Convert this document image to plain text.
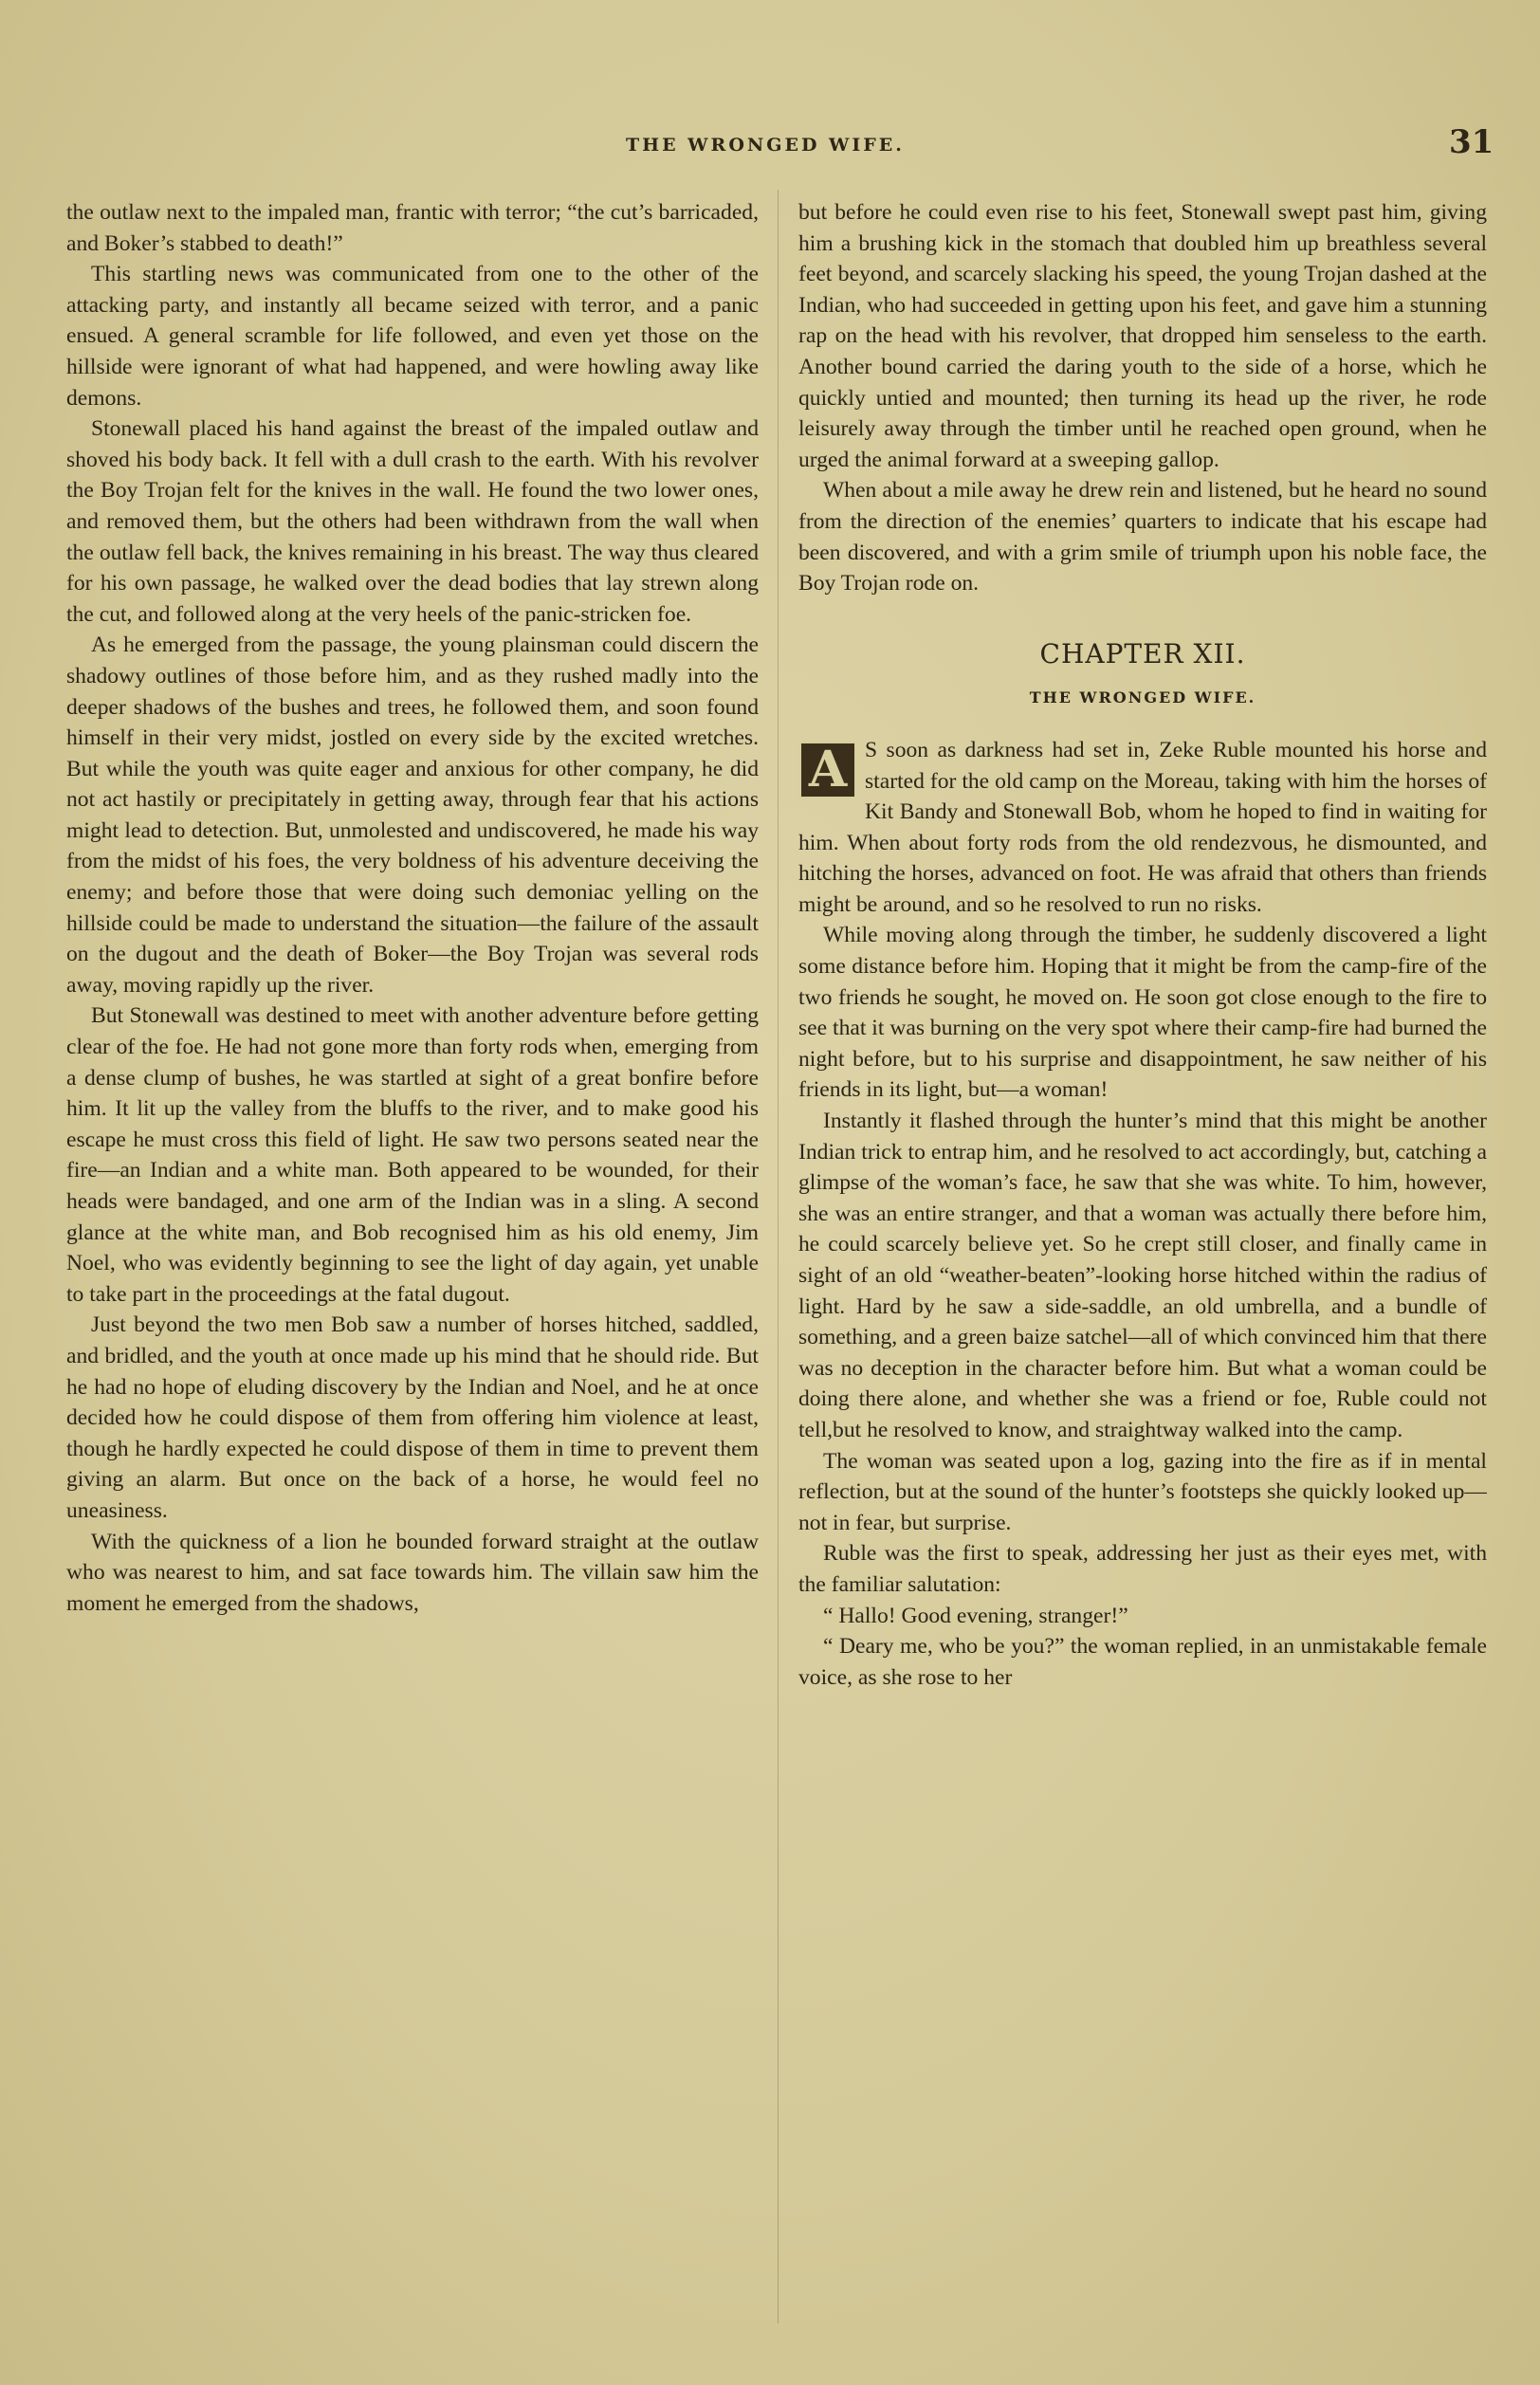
THE WRONGED WIFE.	31

the outlaw next to the impaled man, frantic with terror; “the cut’s barricaded, and Boker’s stabbed to death!”

This startling news was communicated from one to the other of the attacking party, and instantly all became seized with terror, and a panic ensued. A general scramble for life followed, and even yet those on the hillside were ignorant of what had happened, and were howling away like demons.

Stonewall placed his hand against the breast of the impaled outlaw and shoved his body back. It fell with a dull crash to the earth. With his revolver the Boy Trojan felt for the knives in the wall. He found the two lower ones, and removed them, but the others had been withdrawn from the wall when the outlaw fell back, the knives remaining in his breast. The way thus cleared for his own passage, he walked over the dead bodies that lay strewn along the cut, and followed along at the very heels of the panic-stricken foe.

As he emerged from the passage, the young plainsman could discern the shadowy outlines of those before him, and as they rushed madly into the deeper shadows of the bushes and trees, he followed them, and soon found himself in their very midst, jostled on every side by the excited wretches. But while the youth was quite eager and anxious for other company, he did not act hastily or precipitately in getting away, through fear that his actions might lead to detection. But, unmolested and undiscovered, he made his way from the midst of his foes, the very boldness of his adventure deceiving the enemy; and before those that were doing such demoniac yelling on the hillside could be made to understand the situation—the failure of the assault on the dugout and the death of Boker—the Boy Trojan was several rods away, moving rapidly up the river.

But Stonewall was destined to meet with another adventure before getting clear of the foe. He had not gone more than forty rods when, emerging from a dense clump of bushes, he was startled at sight of a great bonfire before him. It lit up the valley from the bluffs to the river, and to make good his escape he must cross this field of light. He saw two persons seated near the fire—an Indian and a white man. Both appeared to be wounded, for their heads were bandaged, and one arm of the Indian was in a sling. A second glance at the white man, and Bob recognised him as his old enemy, Jim Noel, who was evidently beginning to see the light of day again, yet unable to take part in the proceedings at the fatal dugout.

Just beyond the two men Bob saw a number of horses hitched, saddled, and bridled, and the youth at once made up his mind that he should ride. But he had no hope of eluding discovery by the Indian and Noel, and he at once decided how he could dispose of them from offering him violence at least, though he hardly expected he could dispose of them in time to prevent them giving an alarm. But once on the back of a horse, he would feel no uneasiness.

With the quickness of a lion he bounded forward straight at the outlaw who was nearest to him, and sat face towards him. The villain saw him the moment he emerged from the shadows,

but before he could even rise to his feet, Stonewall swept past him, giving him a brushing kick in the stomach that doubled him up breathless several feet beyond, and scarcely slacking his speed, the young Trojan dashed at the Indian, who had succeeded in getting upon his feet, and gave him a stunning rap on the head with his revolver, that dropped him senseless to the earth. Another bound carried the daring youth to the side of a horse, which he quickly untied and mounted; then turning its head up the river, he rode leisurely away through the timber until he reached open ground, when he urged the animal forward at a sweeping gallop.

When about a mile away he drew rein and listened, but he heard no sound from the direction of the enemies’ quarters to indicate that his escape had been discovered, and with a grim smile of triumph upon his noble face, the Boy Trojan rode on.

CHAPTER XII.
THE WRONGED WIFE.

A S soon as darkness had set in, Zeke Ruble mounted his horse and started for the old camp on the Moreau, taking with him the horses of Kit Bandy and Stonewall Bob, whom he hoped to find in waiting for him. When about forty rods from the old rendezvous, he dismounted, and hitching the horses, advanced on foot. He was afraid that others than friends might be around, and so he resolved to run no risks.

While moving along through the timber, he suddenly discovered a light some distance before him. Hoping that it might be from the camp-fire of the two friends he sought, he moved on. He soon got close enough to the fire to see that it was burning on the very spot where their camp-fire had burned the night before, but to his surprise and disappointment, he saw neither of his friends in its light, but—a woman!

Instantly it flashed through the hunter’s mind that this might be another Indian trick to entrap him, and he resolved to act accordingly, but, catching a glimpse of the woman’s face, he saw that she was white. To him, however, she was an entire stranger, and that a woman was actually there before him, he could scarcely believe yet. So he crept still closer, and finally came in sight of an old “weather-beaten”-looking horse hitched within the radius of light. Hard by he saw a side-saddle, an old umbrella, and a bundle of something, and a green baize satchel—all of which convinced him that there was no deception in the character before him. But what a woman could be doing there alone, and whether she was a friend or foe, Ruble could not tell,but he resolved to know, and straightway walked into the camp.

The woman was seated upon a log, gazing into the fire as if in mental reflection, but at the sound of the hunter’s footsteps she quickly looked up—not in fear, but surprise.

Ruble was the first to speak, addressing her just as their eyes met, with the familiar salutation:

“ Hallo! Good evening, stranger!”

“ Deary me, who be you?” the woman replied, in an unmistakable female voice, as she rose to her
